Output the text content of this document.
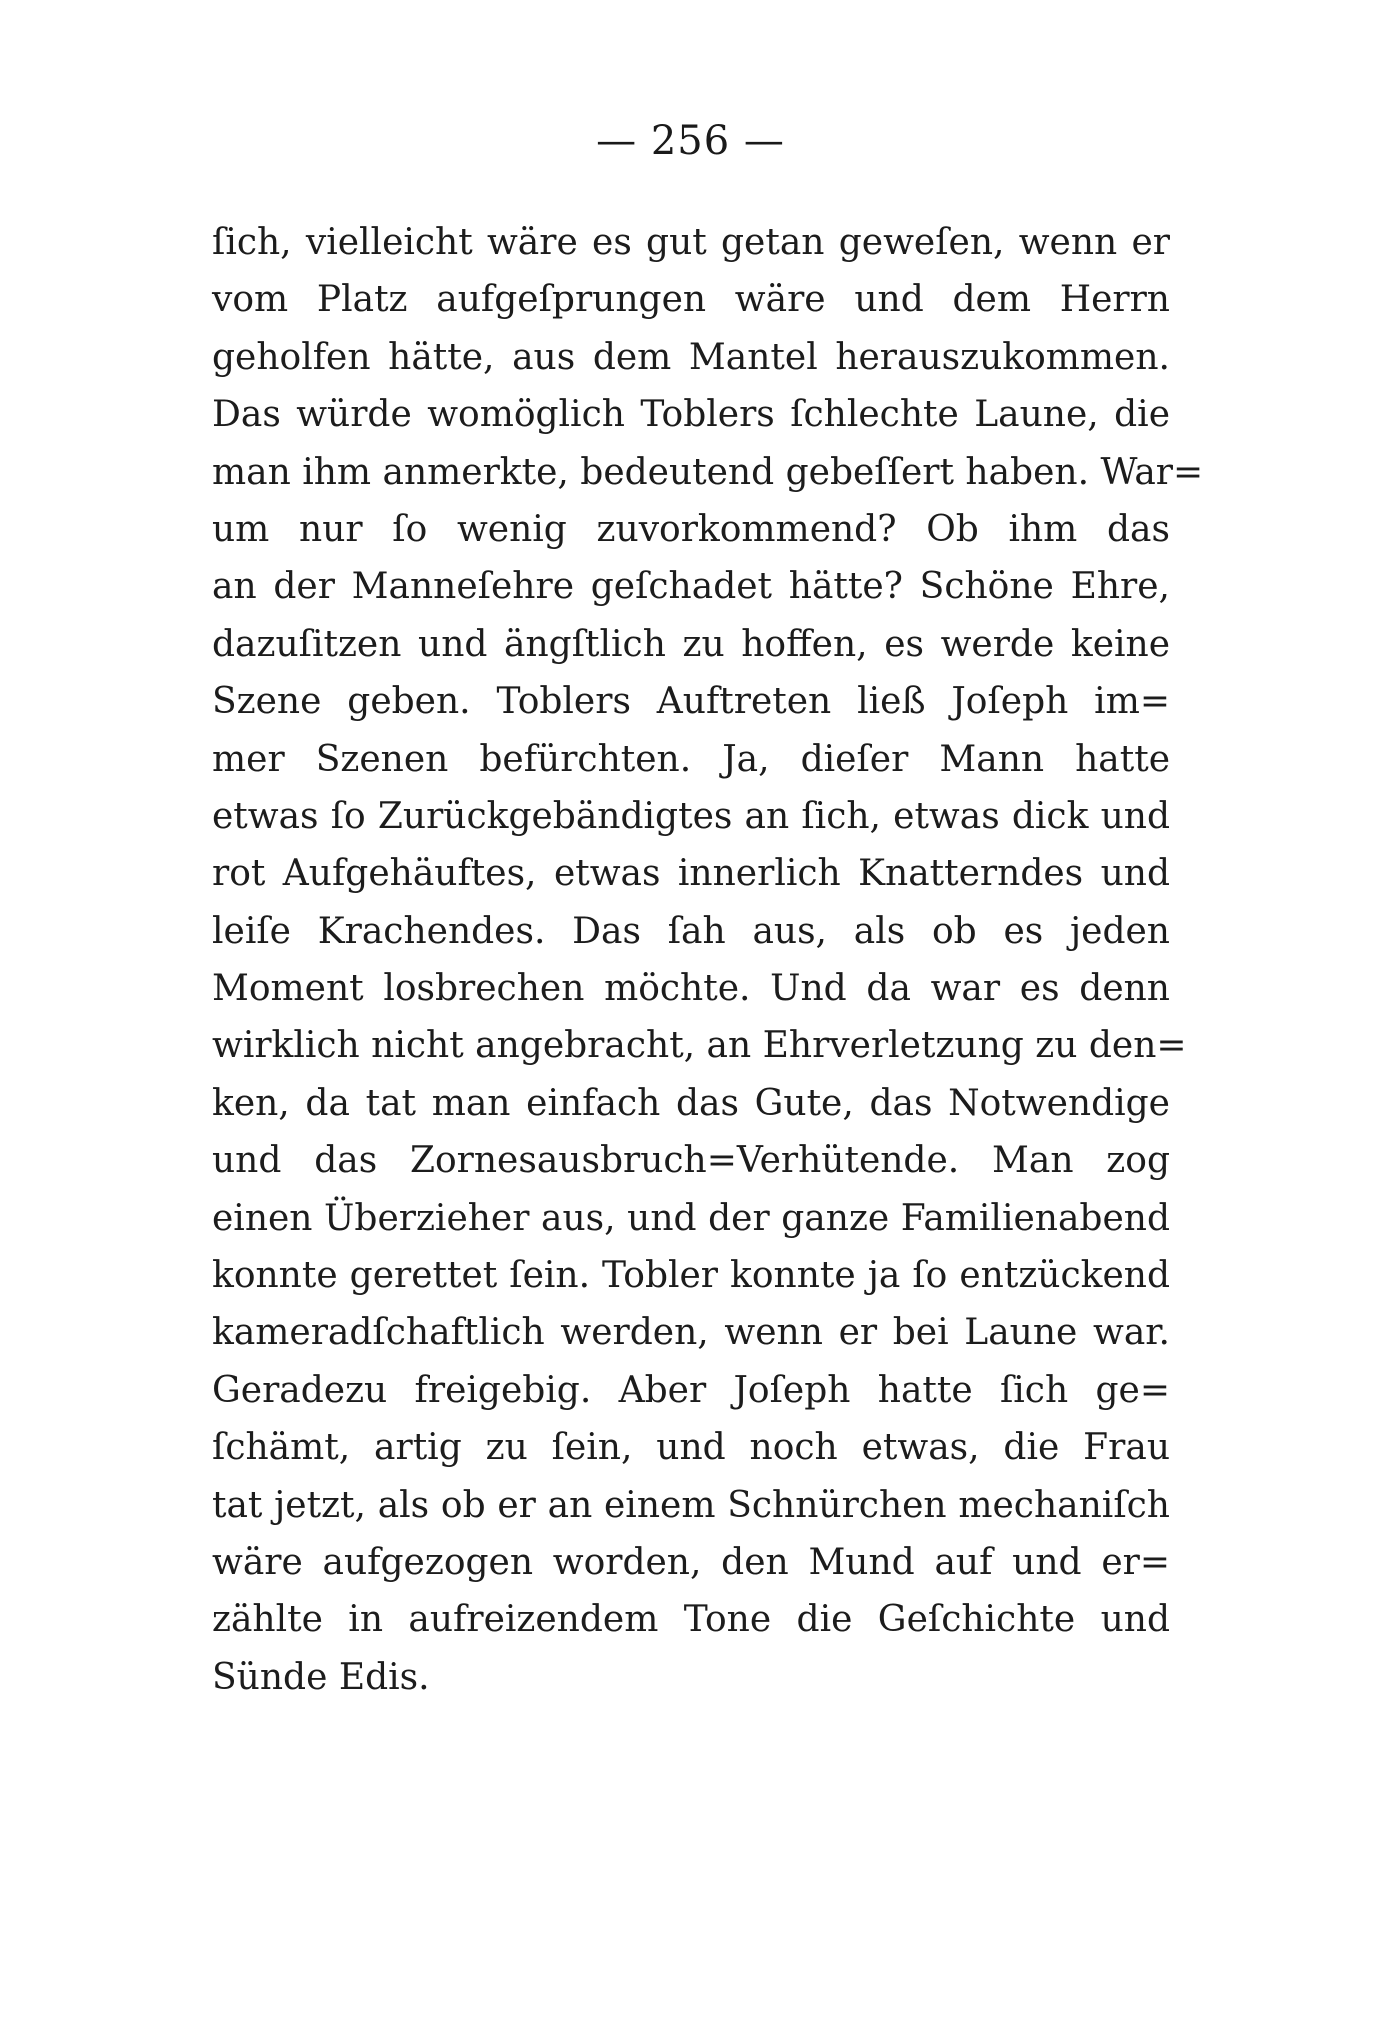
— 256 —
ſich, vielleicht wäre es gut getan geweſen, wenn er
vom Platz aufgeſprungen wäre und dem Herrn
geholfen hätte, aus dem Mantel herauszukommen.
Das würde womöglich Toblers ſchlechte Laune, die
man ihm anmerkte, bedeutend gebeſſert haben. War=
um nur ſo wenig zuvorkommend? Ob ihm das
an der Manneſehre geſchadet hätte? Schöne Ehre,
dazuſitzen und ängſtlich zu hoffen, es werde keine
Szene geben. Toblers Auftreten ließ Joſeph im=
mer Szenen befürchten. Ja, dieſer Mann hatte
etwas ſo Zurückgebändigtes an ſich, etwas dick und
rot Aufgehäuftes, etwas innerlich Knatterndes und
leiſe Krachendes. Das ſah aus, als ob es jeden
Moment losbrechen möchte. Und da war es denn
wirklich nicht angebracht, an Ehrverletzung zu den=
ken, da tat man einfach das Gute, das Notwendige
und das Zornesausbruch=Verhütende. Man zog
einen Überzieher aus, und der ganze Familienabend
konnte gerettet ſein. Tobler konnte ja ſo entzückend
kameradſchaftlich werden, wenn er bei Laune war.
Geradezu freigebig. Aber Joſeph hatte ſich ge=
ſchämt, artig zu ſein, und noch etwas, die Frau
tat jetzt, als ob er an einem Schnürchen mechaniſch
wäre aufgezogen worden, den Mund auf und er=
zählte in aufreizendem Tone die Geſchichte und
Sünde Edis.
